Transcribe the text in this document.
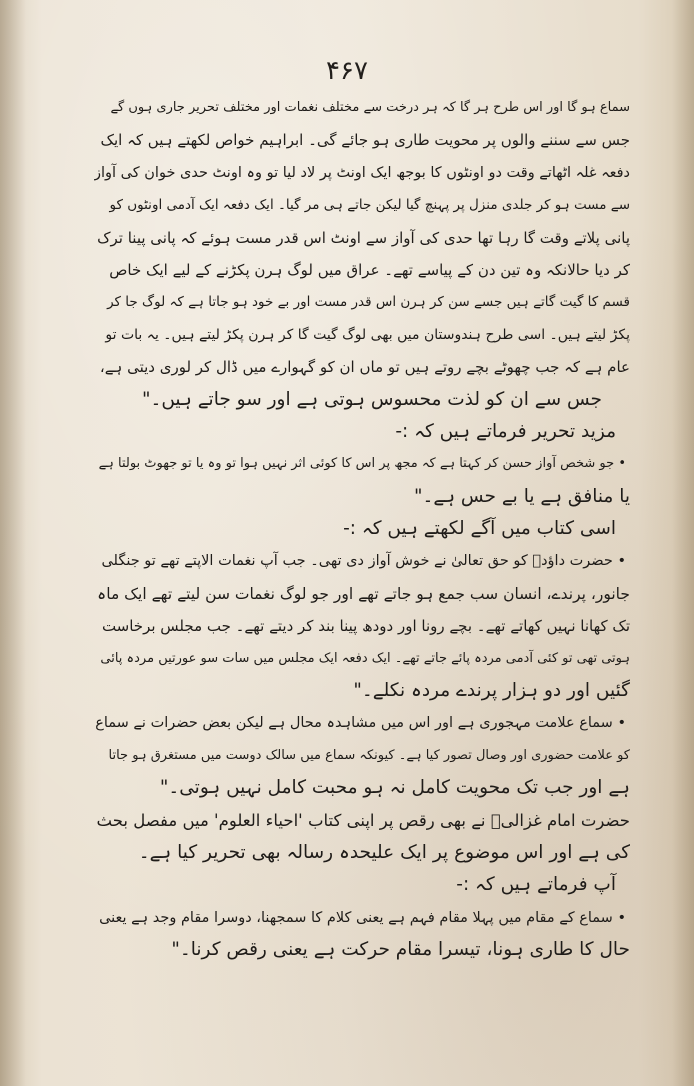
۴۶۷
سماع ہو گا اور اس طرح ہر گا کہ ہر درخت سے مختلف نغمات اور مختلف تحریر جاری ہوں گے
جس سے سننے والوں پر محویت طاری ہو جائے گی۔ ابراہیم خواص لکھتے ہیں کہ ایک
دفعہ غلہ اٹھاتے وقت دو اونٹوں کا بوجھ ایک اونٹ پر لاد لیا تو وہ اونٹ حدی خوان کی آواز
سے مست ہو کر جلدی منزل پر پہنچ گیا لیکن جاتے ہی مر گیا۔ ایک دفعہ ایک آدمی اونٹوں کو
پانی پلاتے وقت گا رہا تھا حدی کی آواز سے اونٹ اس قدر مست ہوئے کہ پانی پینا ترک
کر دیا حالانکہ وہ تین دن کے پیاسے تھے۔ عراق میں لوگ ہرن پکڑنے کے لیے ایک خاص
قسم کا گیت گاتے ہیں جسے سن کر ہرن اس قدر مست اور بے خود ہو جاتا ہے کہ لوگ جا کر
پکڑ لیتے ہیں۔ اسی طرح ہندوستان میں بھی لوگ گیت گا کر ہرن پکڑ لیتے ہیں۔ یہ بات تو
عام ہے کہ جب چھوٹے بچے روتے ہیں تو ماں ان کو گہوارے میں ڈال کر لوری دیتی ہے،
جس سے ان کو لذت محسوس ہوتی ہے اور سو جاتے ہیں۔"
مزید تحریر فرماتے ہیں کہ :-
• جو شخص آواز حسن کر کہتا ہے کہ مجھ پر اس کا کوئی اثر نہیں ہوا تو وہ یا تو جھوٹ بولتا ہے
یا منافق ہے یا بے حس ہے۔"
اسی کتاب میں آگے لکھتے ہیں کہ :-
• حضرت داؤدؑ کو حق تعالیٰ نے خوش آواز دی تھی۔ جب آپ نغمات الاپتے تھے تو جنگلی
جانور، پرندے، انسان سب جمع ہو جاتے تھے اور جو لوگ نغمات سن لیتے تھے ایک ماہ
تک کھانا نہیں کھاتے تھے۔ بچے رونا اور دودھ پینا بند کر دیتے تھے۔ جب مجلس برخاست
ہوتی تھی تو کئی آدمی مردہ پائے جاتے تھے۔ ایک دفعہ ایک مجلس میں سات سو عورتیں مردہ پائی
گئیں اور دو ہزار پرندے مردہ نکلے۔"
• سماع علامت مہجوری ہے اور اس میں مشاہدہ محال ہے لیکن بعض حضرات نے سماع
کو علامت حضوری اور وصال تصور کیا ہے۔ کیونکہ سماع میں سالک دوست میں مستغرق ہو جاتا
ہے اور جب تک محویت کامل نہ ہو محبت کامل نہیں ہوتی۔"
حضرت امام غزالیؒ نے بھی رقص پر اپنی کتاب 'احیاء العلوم' میں مفصل بحث
کی ہے اور اس موضوع پر ایک علیحدہ رسالہ بھی تحریر کیا ہے۔
آپ فرماتے ہیں کہ :-
• سماع کے مقام میں پہلا مقام فہم ہے یعنی کلام کا سمجھنا، دوسرا مقام وجد ہے یعنی
حال کا طاری ہونا، تیسرا مقام حرکت ہے یعنی رقص کرنا۔"
